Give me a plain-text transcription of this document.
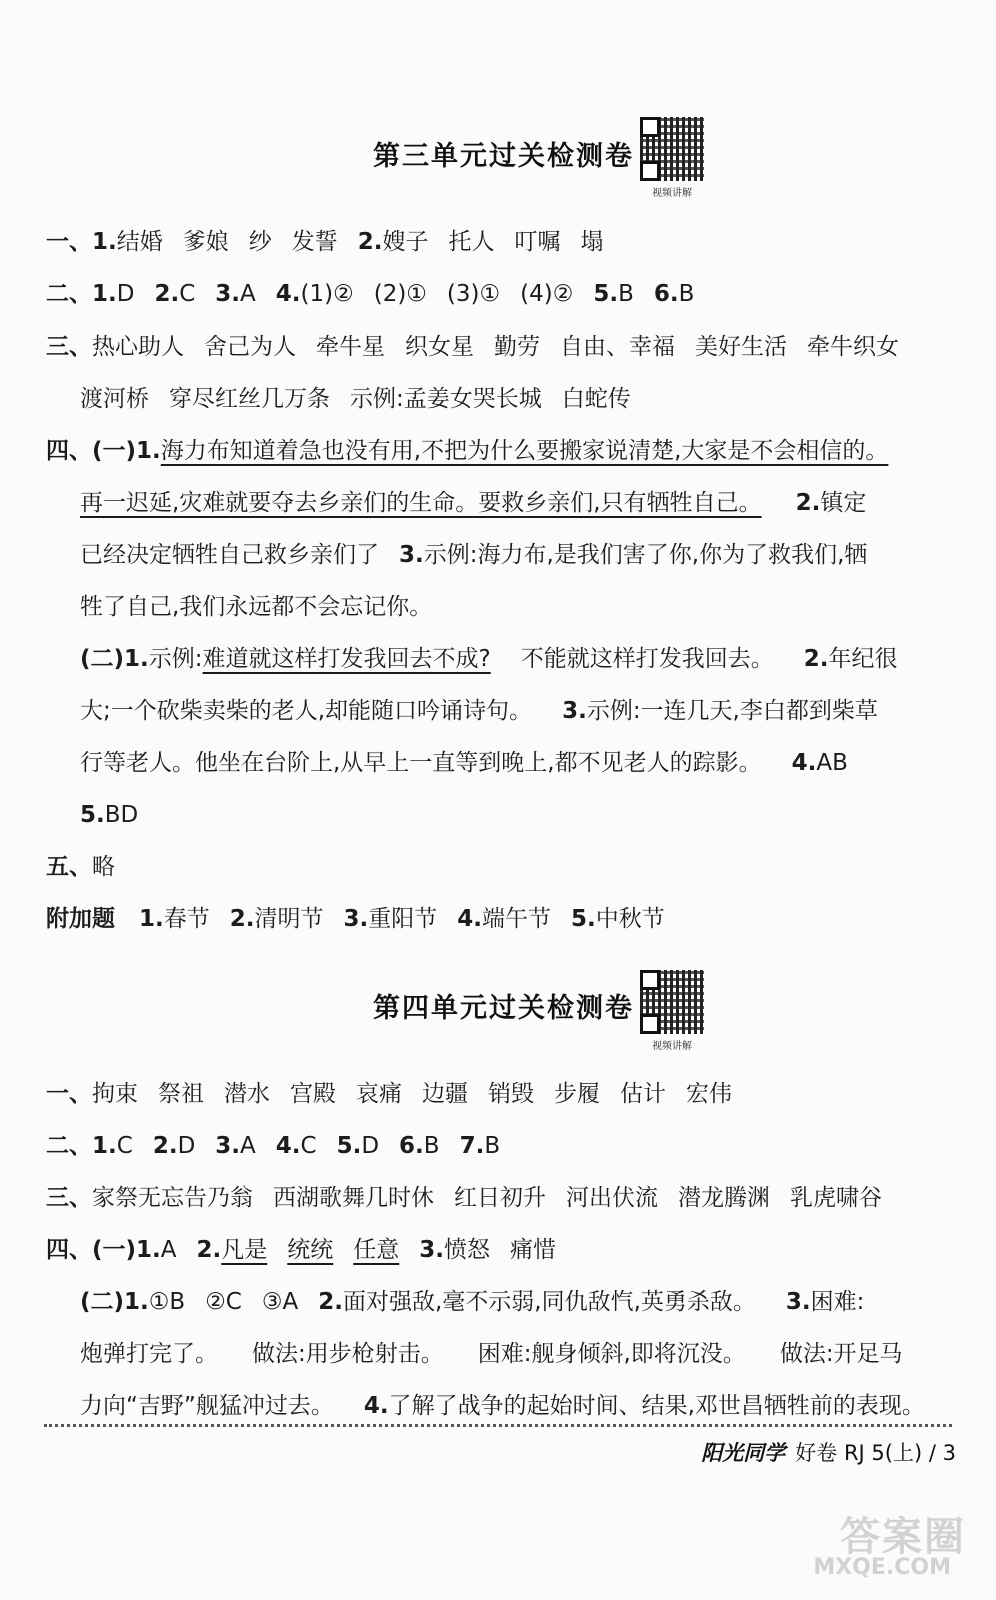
第三单元过关检测卷
视频讲解
一、1.结婚 爹娘 纱 发誓 2.嫂子 托人 叮嘱 塌
二、1.D 2.C 3.A 4.(1)② (2)① (3)① (4)② 5.B 6.B
三、热心助人 舍己为人 牵牛星 织女星 勤劳 自由、幸福 美好生活 牵牛织女
渡河桥 穿尽红丝几万条 示例:孟姜女哭长城 白蛇传
四、(一)1.海力布知道着急也没有用,不把为什么要搬家说清楚,大家是不会相信的。
再一迟延,灾难就要夺去乡亲们的生命。要救乡亲们,只有牺牲自己。 2.镇定
已经决定牺牲自己救乡亲们了 3.示例:海力布,是我们害了你,你为了救我们,牺
牲了自己,我们永远都不会忘记你。
(二)1.示例:难道就这样打发我回去不成? 不能就这样打发我回去。 2.年纪很
大;一个砍柴卖柴的老人,却能随口吟诵诗句。 3.示例:一连几天,李白都到柴草
行等老人。他坐在台阶上,从早上一直等到晚上,都不见老人的踪影。 4.AB
5.BD
五、略
附加题 1.春节 2.清明节 3.重阳节 4.端午节 5.中秋节
第四单元过关检测卷
视频讲解
一、拘束 祭祖 潜水 宫殿 哀痛 边疆 销毁 步履 估计 宏伟
二、1.C 2.D 3.A 4.C 5.D 6.B 7.B
三、家祭无忘告乃翁 西湖歌舞几时休 红日初升 河出伏流 潜龙腾渊 乳虎啸谷
四、(一)1.A 2.凡是 统统 任意 3.愤怒 痛惜
(二)1.①B ②C ③A 2.面对强敌,毫不示弱,同仇敌忾,英勇杀敌。 3.困难:
炮弹打完了。 做法:用步枪射击。 困难:舰身倾斜,即将沉没。 做法:开足马
力向“吉野”舰猛冲过去。 4.了解了战争的起始时间、结果,邓世昌牺牲前的表现。
阳光同学 好卷 RJ 5(上) / 3
答案圈
MXQE.COM
